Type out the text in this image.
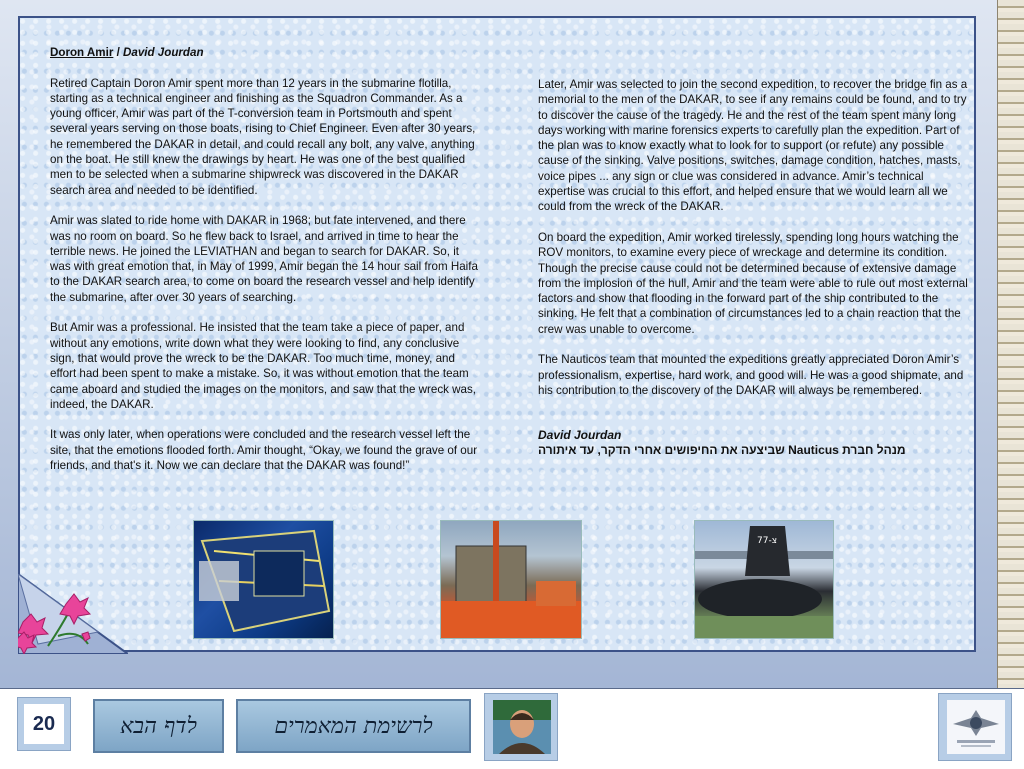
Doron Amir / David Jourdan

Retired Captain Doron Amir spent more than 12 years in the submarine flotilla, starting as a technical engineer and finishing as the Squadron Commander. As a young officer, Amir was part of the T-conversion team in Portsmouth and spent several years serving on those boats, rising to Chief Engineer. Even after 30 years, he remembered the DAKAR in detail, and could recall any bolt, any valve, anything on the boat. He still knew the drawings by heart. He was one of the best qualified men to be selected when a submarine shipwreck was discovered in the DAKAR search area and needed to be identified.

Amir was slated to ride home with DAKAR in 1968; but fate intervened, and there was no room on board. So he flew back to Israel, and arrived in time to hear the terrible news. He joined the LEVIATHAN and began to search for DAKAR. So, it was with great emotion that, in May of 1999, Amir began the 14 hour sail from Haifa to the DAKAR search area, to come on board the research vessel and help identify the submarine, after over 30 years of searching.

But Amir was a professional. He insisted that the team take a piece of paper, and without any emotions, write down what they were looking to find, any conclusive sign, that would prove the wreck to be the DAKAR. Too much time, money, and effort had been spent to make a mistake. So, it was without emotion that the team came aboard and studied the images on the monitors, and saw that the wreck was, indeed, the DAKAR.

It was only later, when operations were concluded and the research vessel left the site, that the emotions flooded forth. Amir thought, “Okay, we found the grave of our friends, and that's it. Now we can declare that the DAKAR was found!”

Later, Amir was selected to join the second expedition, to recover the bridge fin as a memorial to the men of the DAKAR, to see if any remains could be found, and to try to discover the cause of the tragedy. He and the rest of the team spent many long days working with marine forensics experts to carefully plan the expedition. Part of the plan was to know exactly what to look for to support (or refute) any possible cause of the sinking. Valve positions, switches, damage condition, hatches, masts, voice pipes ... any sign or clue was considered in advance. Amir’s technical expertise was crucial to this effort, and helped ensure that we would learn all we could from the wreck of the DAKAR.

On board the expedition, Amir worked tirelessly, spending long hours watching the ROV monitors, to examine every piece of wreckage and determine its condition. Though the precise cause could not be determined because of extensive damage from the implosion of the hull, Amir and the team were able to rule out most external factors and show that flooding in the forward part of the ship contributed to the sinking. He felt that a combination of circumstances led to a chain reaction that the crew was unable to overcome.

The Nauticos team that mounted the expeditions greatly appreciated Doron Amir’s professionalism, expertise, hard work, and good will. He was a good shipmate, and his contribution to the discovery of the DAKAR will always be remembered.

David Jourdan
מנהל חברת Nauticus שביצעה את החיפושים אחרי הדקר, עד איתורה
צ-77
20	לדף הבא	לרשימת המאמרים
